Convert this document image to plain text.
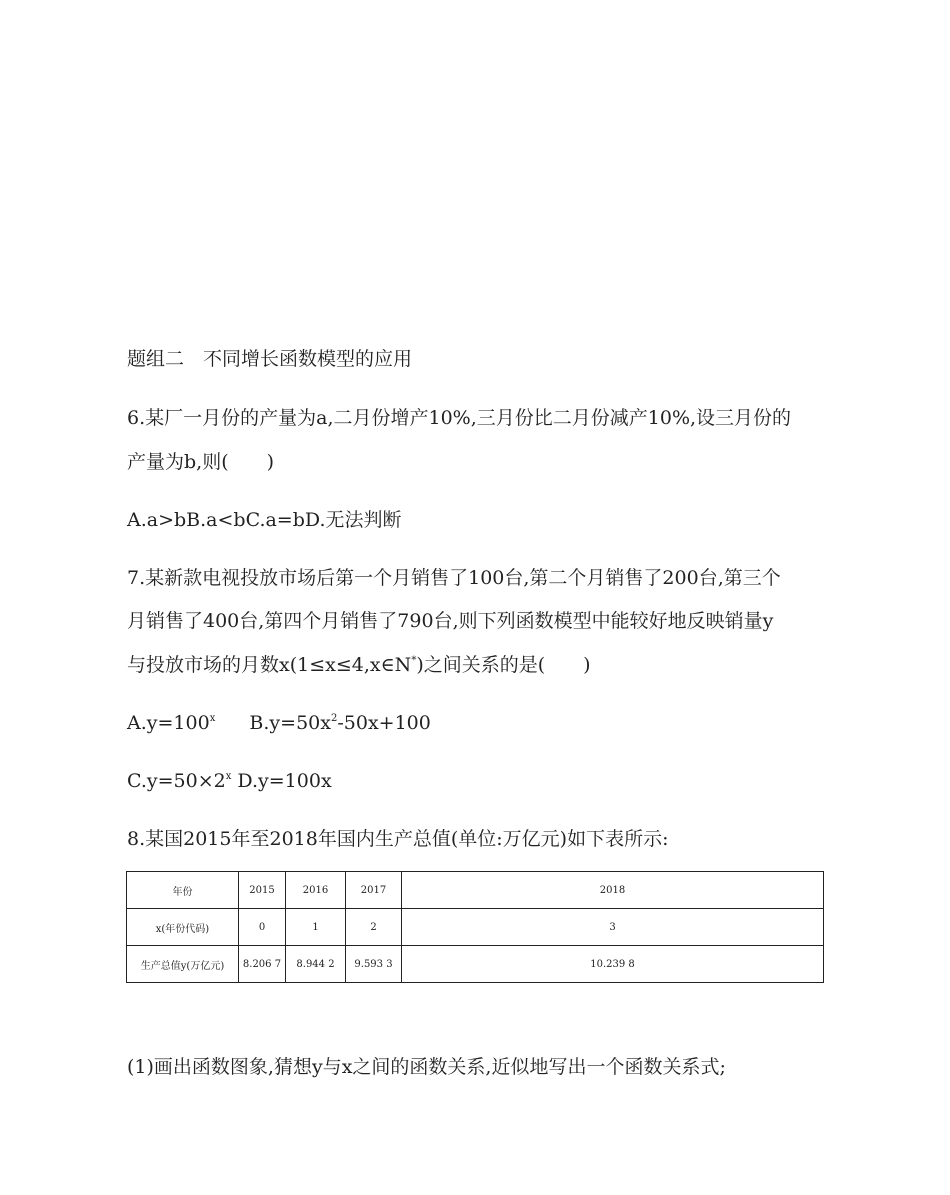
题组二　不同增长函数模型的应用
6.某厂一月份的产量为a,二月份增产10%,三月份比二月份减产10%,设三月份的
产量为b,则(　　)
A.a>bB.a<bC.a=bD.无法判断
7.某新款电视投放市场后第一个月销售了100台,第二个月销售了200台,第三个
月销售了400台,第四个月销售了790台,则下列函数模型中能较好地反映销量y
与投放市场的月数x(1≤x≤4,x∈N*)之间关系的是(　　)
$A.y=100^x$ $B.y=50x^2-50x+100$
$C.y=50\times 2^x$ D.y=100x
8.某国2015年至2018年国内生产总值(单位:万亿元)如下表所示:
年份	2015	2016	2017	2018
x(年份代码)	0	1	2	3
生产总值y(万亿元)	8.206 7	8.944 2	9.593 3	10.239 8
(1)画出函数图象,猜想y与x之间的函数关系,近似地写出一个函数关系式;
